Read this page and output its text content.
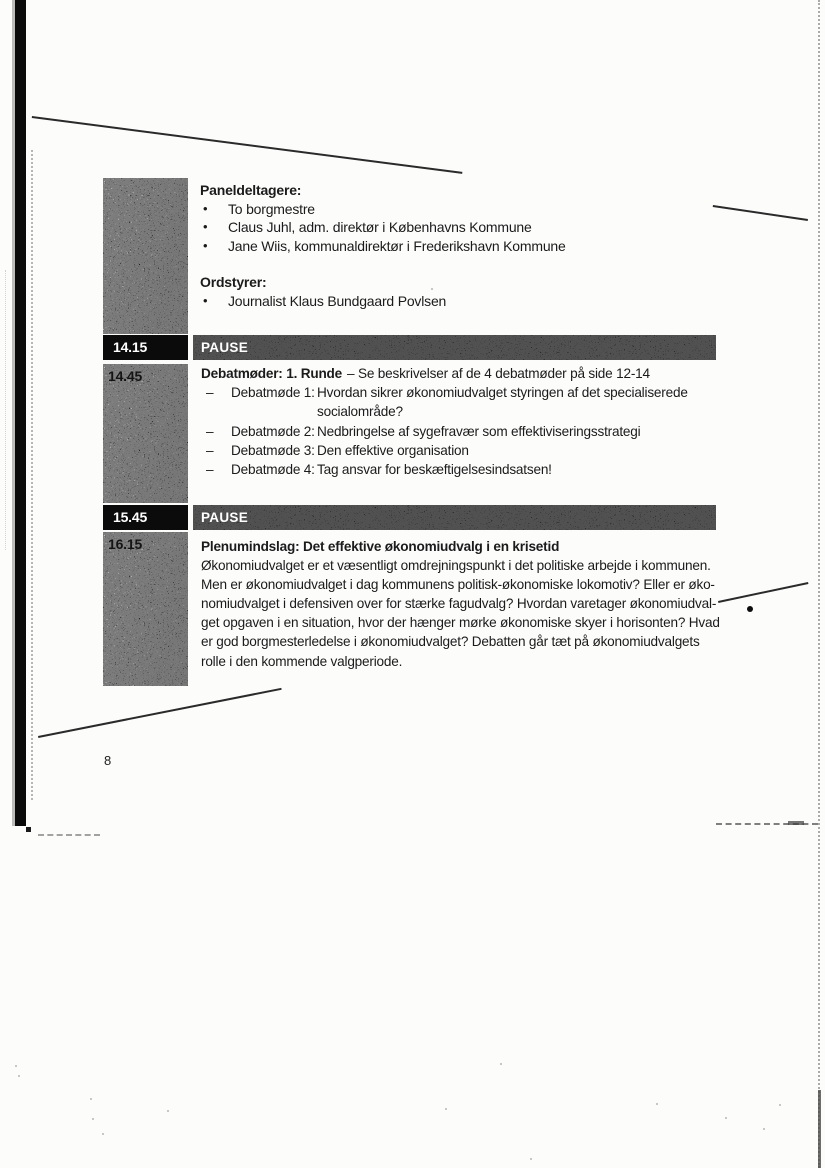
Paneldeltagere:
•	To borgmestre
•	Claus Juhl, adm. direktør i Københavns Kommune
•	Jane Wiis, kommunaldirektør i Frederikshavn Kommune
Ordstyrer:
•	Journalist Klaus Bundgaard Povlsen
14.15	PAUSE
14.45	Debatmøder: 1. Runde – Se beskrivelser af de 4 debatmøder på side 12-14
–	Debatmøde 1: Hvordan sikrer økonomiudvalget styringen af det specialiserede
socialområde?
–	Debatmøde 2: Nedbringelse af sygefravær som effektiviseringsstrategi
–	Debatmøde 3: Den effektive organisation
–	Debatmøde 4: Tag ansvar for beskæftigelsesindsatsen!
15.45	PAUSE
16.15	Plenumindslag: Det effektive økonomiudvalg i en krisetid
Økonomiudvalget er et væsentligt omdrejningspunkt i det politiske arbejde i kommunen.
Men er økonomiudvalget i dag kommunens politisk-økonomiske lokomotiv? Eller er øko-
nomiudvalget i defensiven over for stærke fagudvalg? Hvordan varetager økonomiudval-
get opgaven i en situation, hvor der hænger mørke økonomiske skyer i horisonten? Hvad
er god borgmesterledelse i økonomiudvalget? Debatten går tæt på økonomiudvalgets
rolle i den kommende valgperiode.
8
